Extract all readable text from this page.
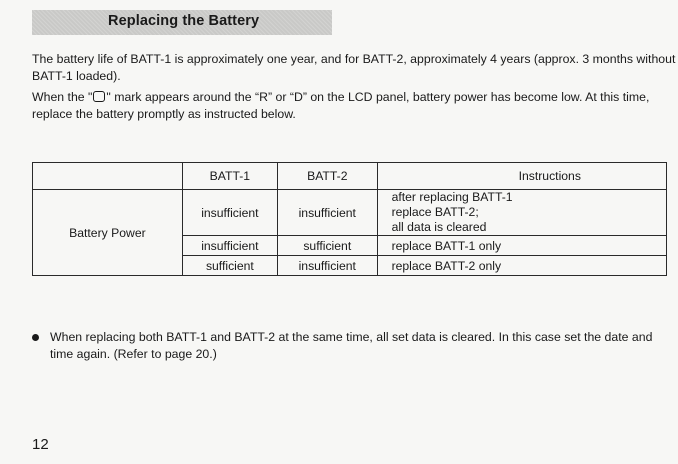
Replacing the Battery

The battery life of BATT-1 is approximately one year, and for BATT-2, approximately 4 years (approx. 3 months without BATT-1 loaded).

When the " " mark appears around the “R” or “D” on the LCD panel, battery power has become low. At this time, replace the battery promptly as instructed below.

	BATT-1	BATT-2	Instructions
Battery Power	insufficient	insufficient	after replacing BATT-1
replace BATT-2;
all data is cleared

	insufficient	sufficient	replace BATT-1 only
	sufficient	insufficient	replace BATT-2 only
When replacing both BATT-1 and BATT-2 at the same time, all set data is cleared. In this case set the date and time again. (Refer to page 20.)
12
